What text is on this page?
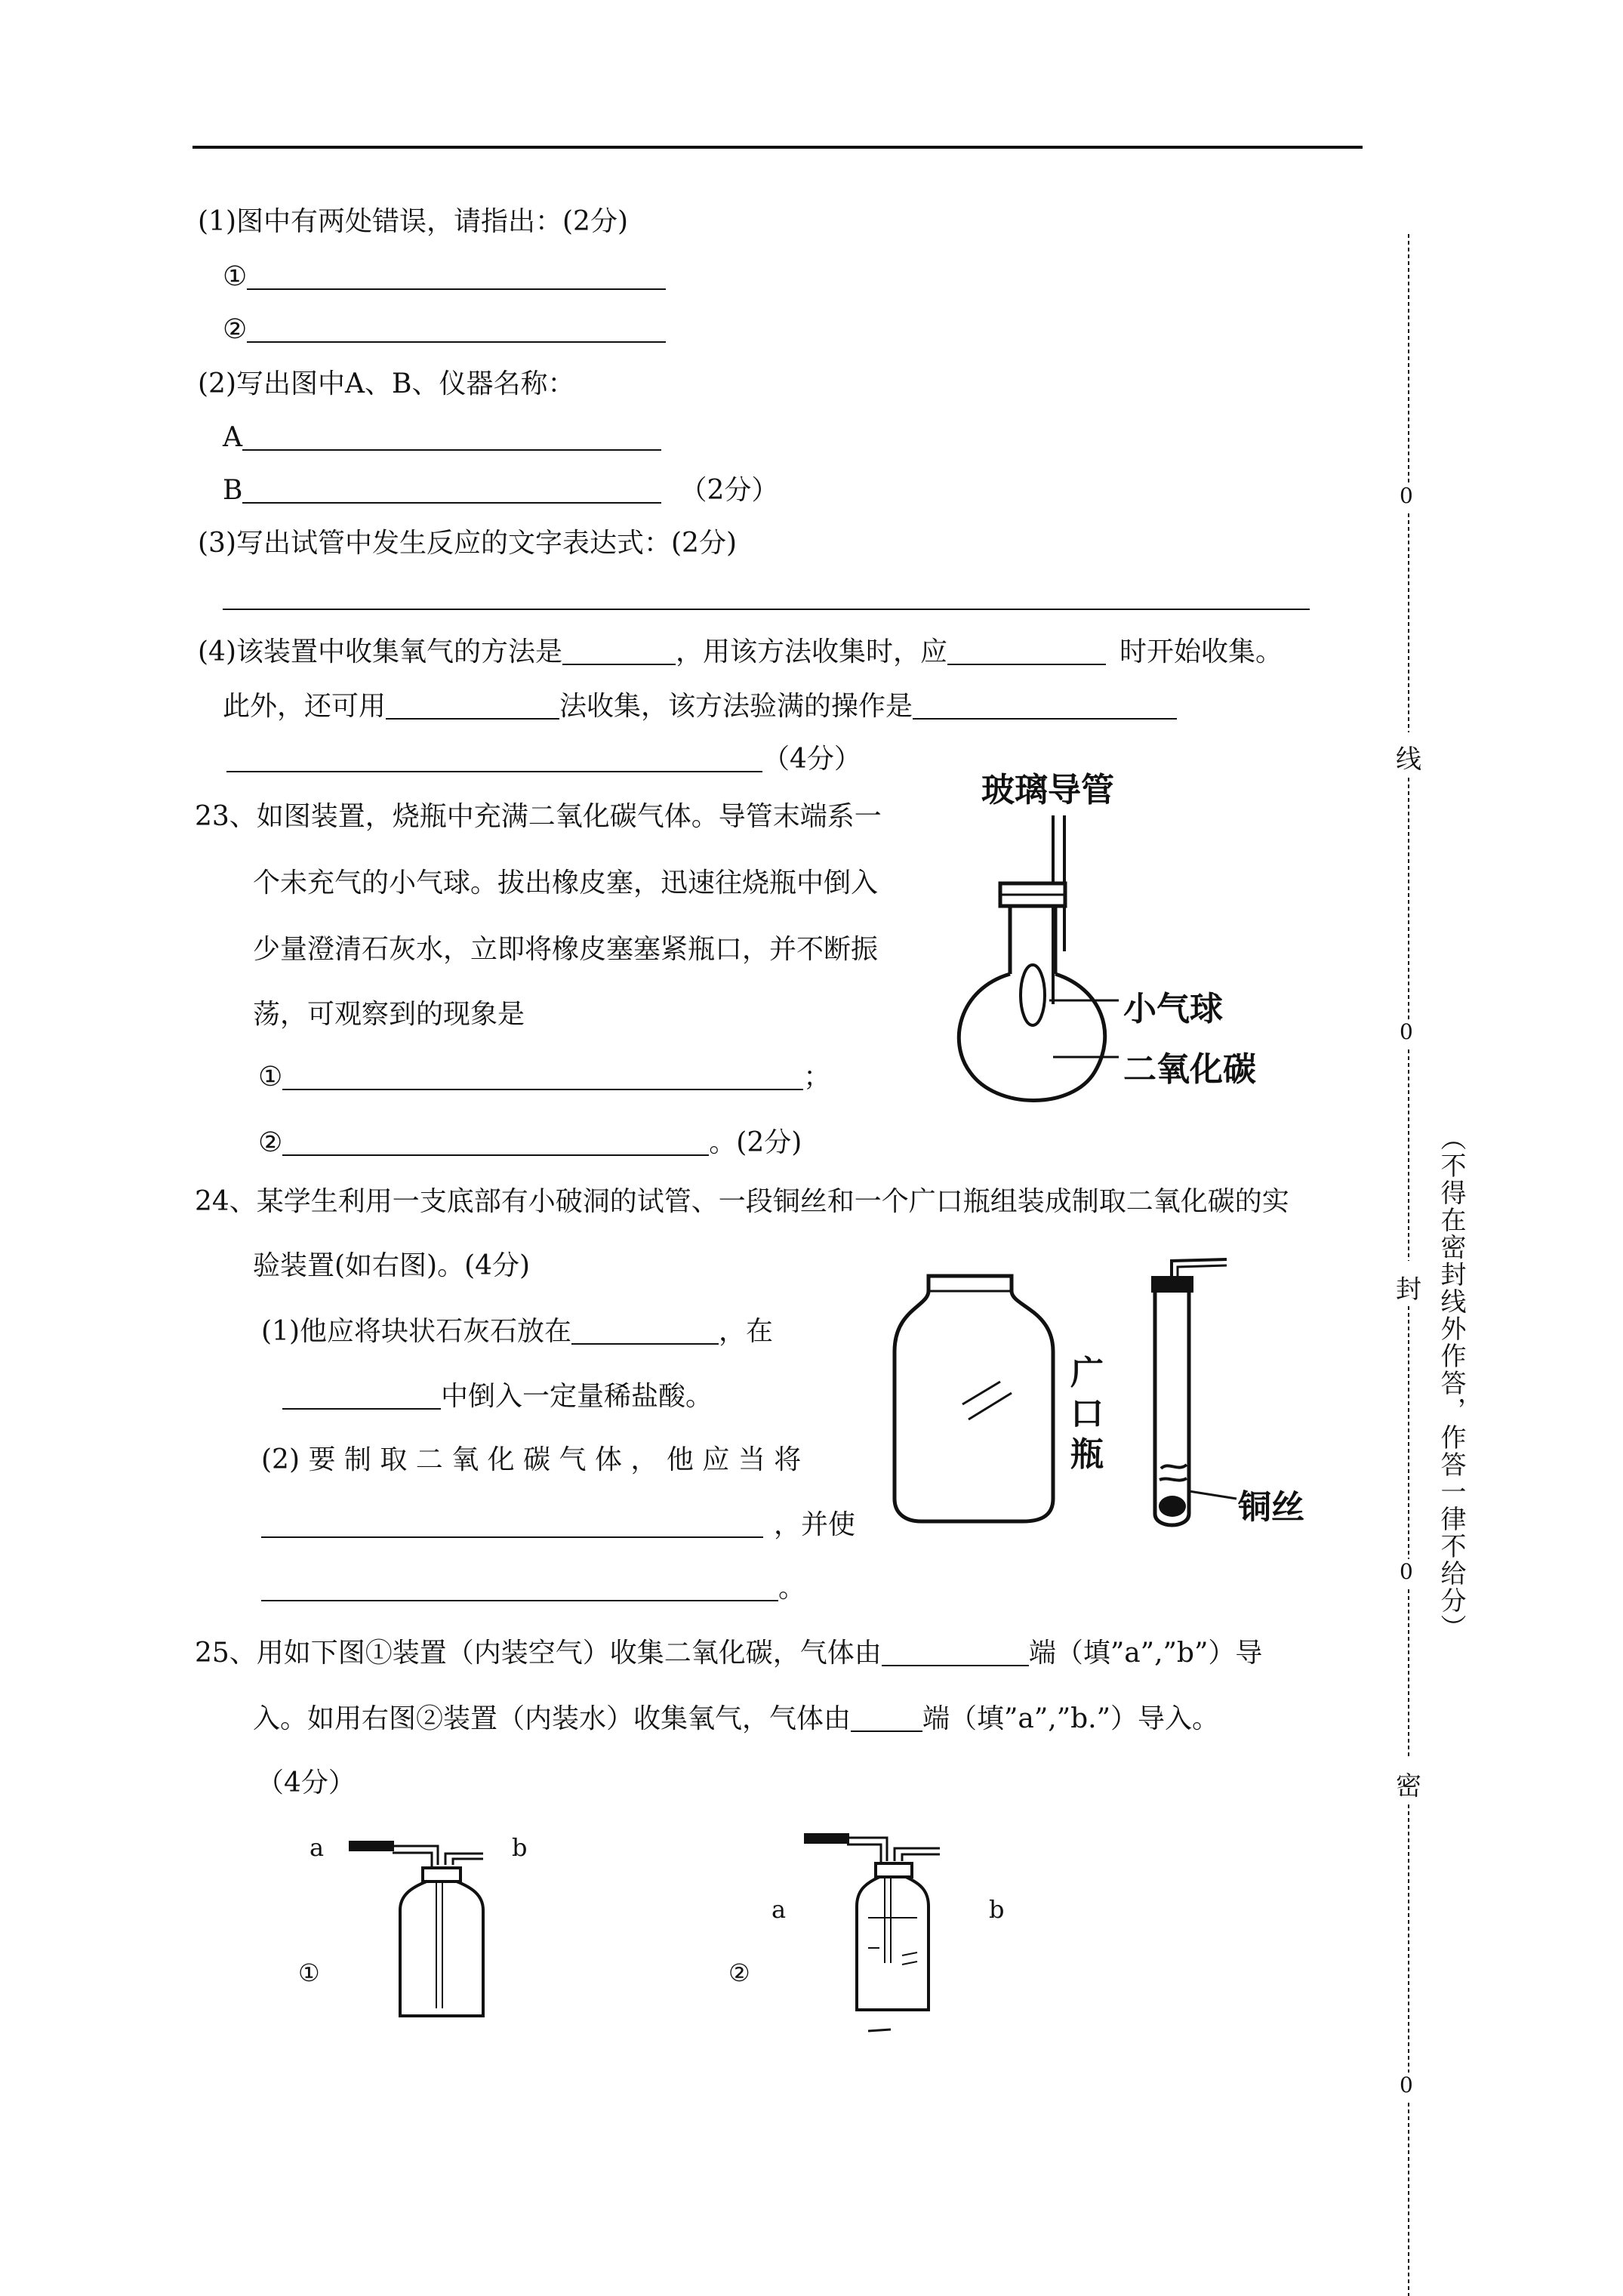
(1)图中有两处错误，请指出：(2分)
①
②
(2)写出图中A、B、仪器名称：
A
B	（2分）
(3)写出试管中发生反应的文字表达式：(2分)
(4)该装置中收集氧气的方法是	，用该方法收集时，应	时开始收集。
此外，还可用	法收集，该方法验满的操作是
（4分）
23、如图装置，烧瓶中充满二氧化碳气体。导管末端系一
个未充气的小气球。拔出橡皮塞，迅速往烧瓶中倒入
少量澄清石灰水，立即将橡皮塞塞紧瓶口，并不断振
荡，可观察到的现象是
①	；
②	。(2分)
玻璃导管
小气球
二氧化碳
24、某学生利用一支底部有小破洞的试管、一段铜丝和一个广口瓶组装成制取二氧化碳的实
验装置(如右图)。(4分)
(1)他应将块状石灰石放在	，在
中倒入一定量稀盐酸。
(2) 要 制 取 二 氧 化 碳 气 体 ， 他 应 当 将
，并使
。
广
口
瓶
铜丝
25、用如下图①装置（内装空气）收集二氧化碳，气体由	端（填”a”,”b”）导
入。如用右图②装置（内装水）收集氧气，气体由	端（填”a”,”b.”）导入。
（4分）
a	b
①
a	b
②
0
线
0
（不得在密封线外作答，作答一律不给分）
封
0
密
0
